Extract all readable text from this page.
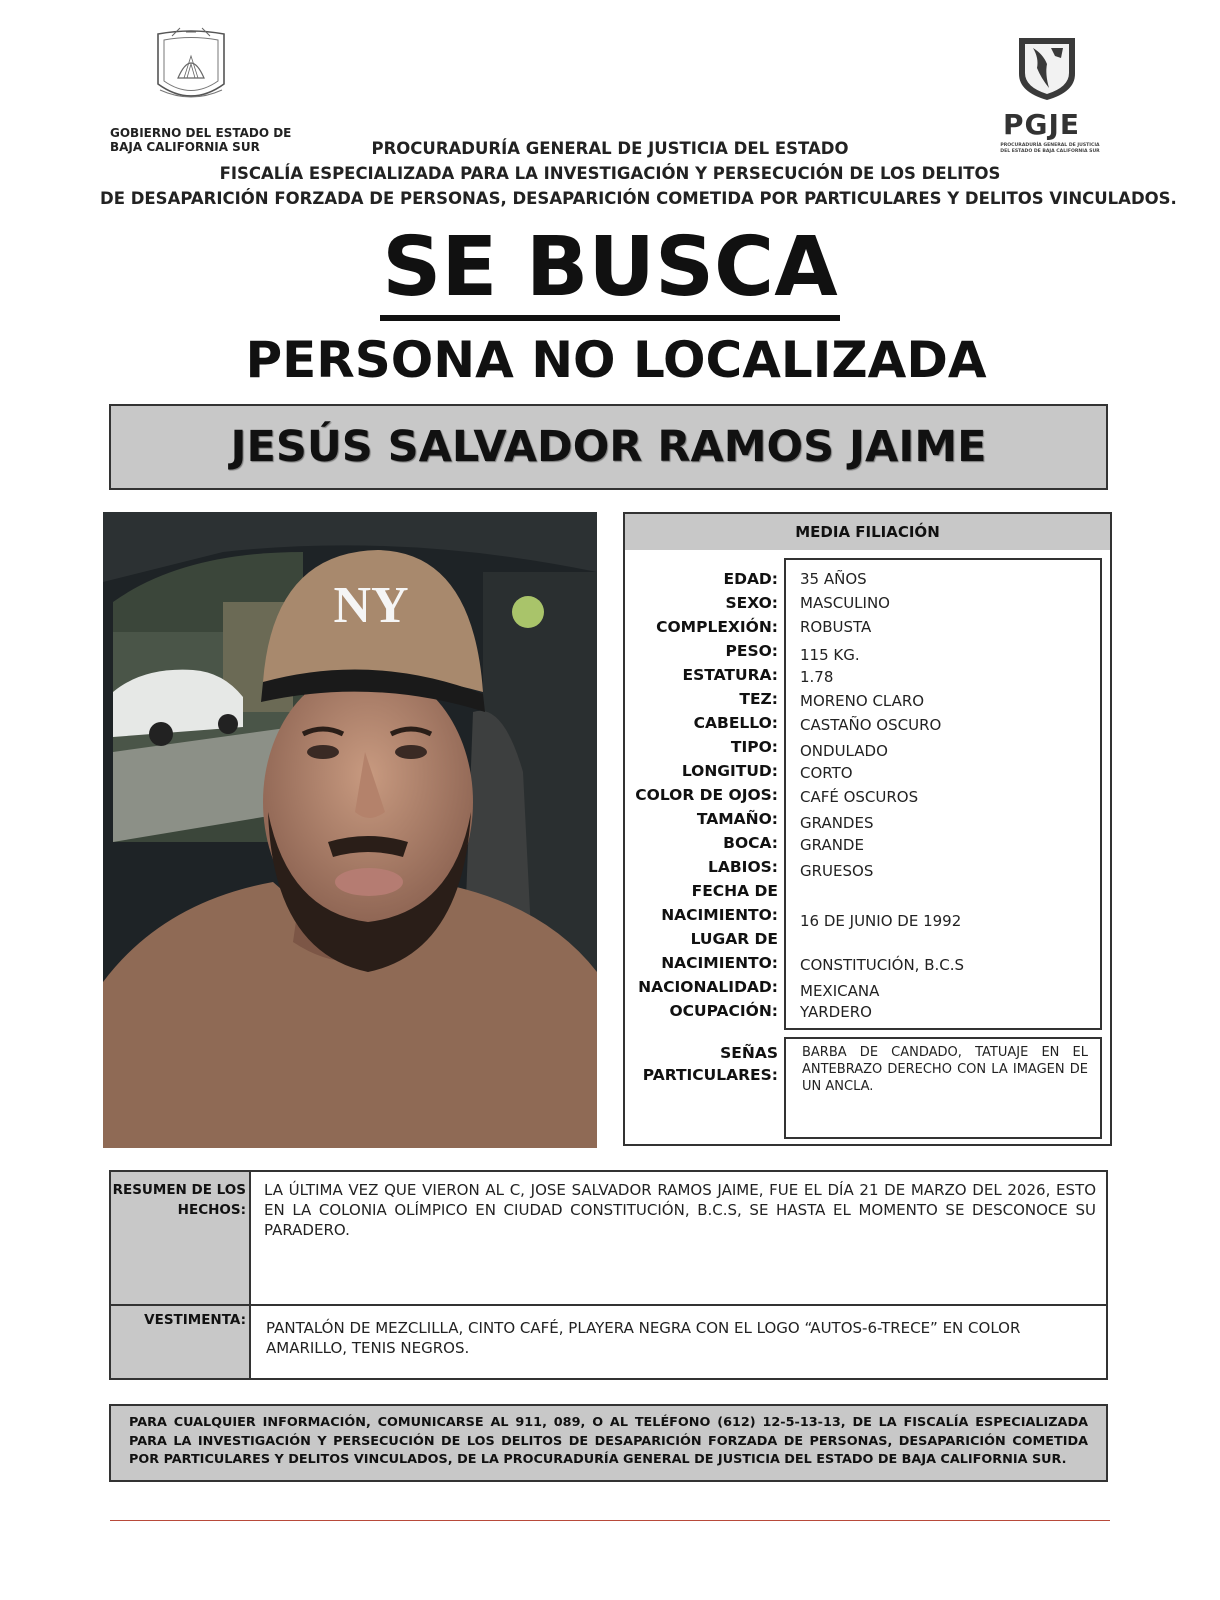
GOBIERNO DEL ESTADO DE
BAJA CALIFORNIA SUR
PGJE
PROCURADURÍA GENERAL DE JUSTICIA
DEL ESTADO DE BAJA CALIFORNIA SUR
PROCURADURÍA GENERAL DE JUSTICIA DEL ESTADO
FISCALÍA ESPECIALIZADA PARA LA INVESTIGACIÓN Y PERSECUCIÓN DE LOS DELITOS
DE DESAPARICIÓN FORZADA DE PERSONAS, DESAPARICIÓN COMETIDA POR PARTICULARES Y DELITOS VINCULADOS.
SE BUSCA
PERSONA NO LOCALIZADA
JESÚS SALVADOR RAMOS JAIME
NY
MEDIA FILIACIÓN
EDAD: 35 AÑOS
SEXO: MASCULINO
COMPLEXIÓN: ROBUSTA
PESO: 115 KG.
ESTATURA: 1.78
TEZ: MORENO CLARO
CABELLO: CASTAÑO OSCURO
TIPO: ONDULADO
LONGITUD: CORTO
COLOR DE OJOS: CAFÉ OSCUROS
TAMAÑO: GRANDES
BOCA: GRANDE
LABIOS: GRUESOS
FECHA DE
NACIMIENTO: 16 DE JUNIO DE 1992
LUGAR DE
NACIMIENTO: CONSTITUCIÓN, B.C.S
NACIONALIDAD: MEXICANA
OCUPACIÓN: YARDERO
SEÑAS
PARTICULARES:
BARBA DE CANDADO, TATUAJE EN EL ANTEBRAZO DERECHO CON LA IMAGEN DE UN ANCLA.
RESUMEN DE LOS
HECHOS:
LA ÚLTIMA VEZ QUE VIERON AL C, JOSE SALVADOR RAMOS JAIME, FUE EL DÍA 21 DE MARZO DEL 2026, ESTO EN LA COLONIA OLÍMPICO EN CIUDAD CONSTITUCIÓN, B.C.S, SE HASTA EL MOMENTO SE DESCONOCE SU PARADERO.
VESTIMENTA: PANTALÓN DE MEZCLILLA, CINTO CAFÉ, PLAYERA NEGRA CON EL LOGO “AUTOS-6-TRECE” EN COLOR AMARILLO, TENIS NEGROS.
PARA CUALQUIER INFORMACIÓN, COMUNICARSE AL 911, 089, O AL TELÉFONO (612) 12-5-13-13, DE LA FISCALÍA ESPECIALIZADA PARA LA INVESTIGACIÓN Y PERSECUCIÓN DE LOS DELITOS DE DESAPARICIÓN FORZADA DE PERSONAS, DESAPARICIÓN COMETIDA POR PARTICULARES Y DELITOS VINCULADOS, DE LA PROCURADURÍA GENERAL DE JUSTICIA DEL ESTADO DE BAJA CALIFORNIA SUR.
